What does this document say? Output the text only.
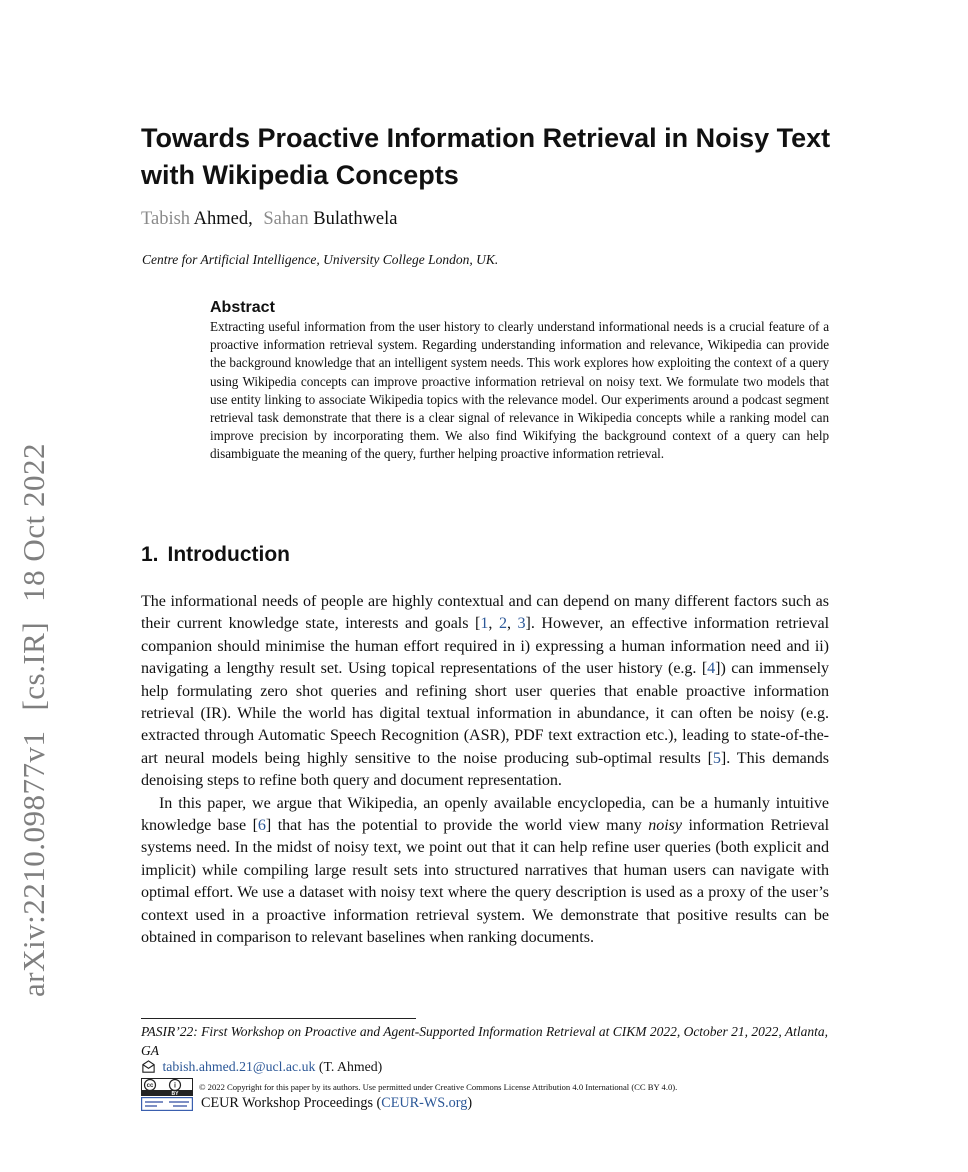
arXiv:2210.09877v1[cs.IR]18 Oct 2022
Towards Proactive Information Retrieval in Noisy Text with Wikipedia Concepts
Tabish Ahmed, Sahan Bulathwela
Centre for Artificial Intelligence, University College London, UK.
Abstract

Extracting useful information from the user history to clearly understand informational needs is a crucial feature of a proactive information retrieval system. Regarding understanding information and relevance, Wikipedia can provide the background knowledge that an intelligent system needs. This work explores how exploiting the context of a query using Wikipedia concepts can improve proactive information retrieval on noisy text. We formulate two models that use entity linking to associate Wikipedia topics with the relevance model. Our experiments around a podcast segment retrieval task demonstrate that there is a clear signal of relevance in Wikipedia concepts while a ranking model can improve precision by incorporating them. We also find Wikifying the background context of a query can help disambiguate the meaning of the query, further helping proactive information retrieval.

1. Introduction

The informational needs of people are highly contextual and can depend on many different factors such as their current knowledge state, interests and goals [1, 2, 3]. However, an effective information retrieval companion should minimise the human effort required in i) expressing a human information need and ii) navigating a lengthy result set. Using topical representations of the user history (e.g. [4]) can immensely help formulating zero shot queries and refining short user queries that enable proactive information retrieval (IR). While the world has digital textual information in abundance, it can often be noisy (e.g. extracted through Automatic Speech Recognition (ASR), PDF text extraction etc.), leading to state-of-the-art neural models being highly sensitive to the noise producing sub-optimal results [5]. This demands denoising steps to refine both query and document representation.

In this paper, we argue that Wikipedia, an openly available encyclopedia, can be a humanly intuitive knowledge base [6] that has the potential to provide the world view many noisy information Retrieval systems need. In the midst of noisy text, we point out that it can help refine user queries (both explicit and implicit) while compiling large result sets into structured narratives that human users can navigate with optimal effort. We use a dataset with noisy text where the query description is used as a proxy of the user’s context used in a proactive information retrieval system. We demonstrate that positive results can be obtained in comparison to relevant baselines when ranking documents.

PASIR’22: First Workshop on Proactive and Agent-Supported Information Retrieval at CIKM 2022, October 21, 2022, Atlanta, GA
tabish.ahmed.21@ucl.ac.uk (T. Ahmed)
cc	i
BY
© 2022 Copyright for this paper by its authors. Use permitted under Creative Commons License Attribution 4.0 International (CC BY 4.0).
CEUR Workshop Proceedings ( CEUR-WS.org )
